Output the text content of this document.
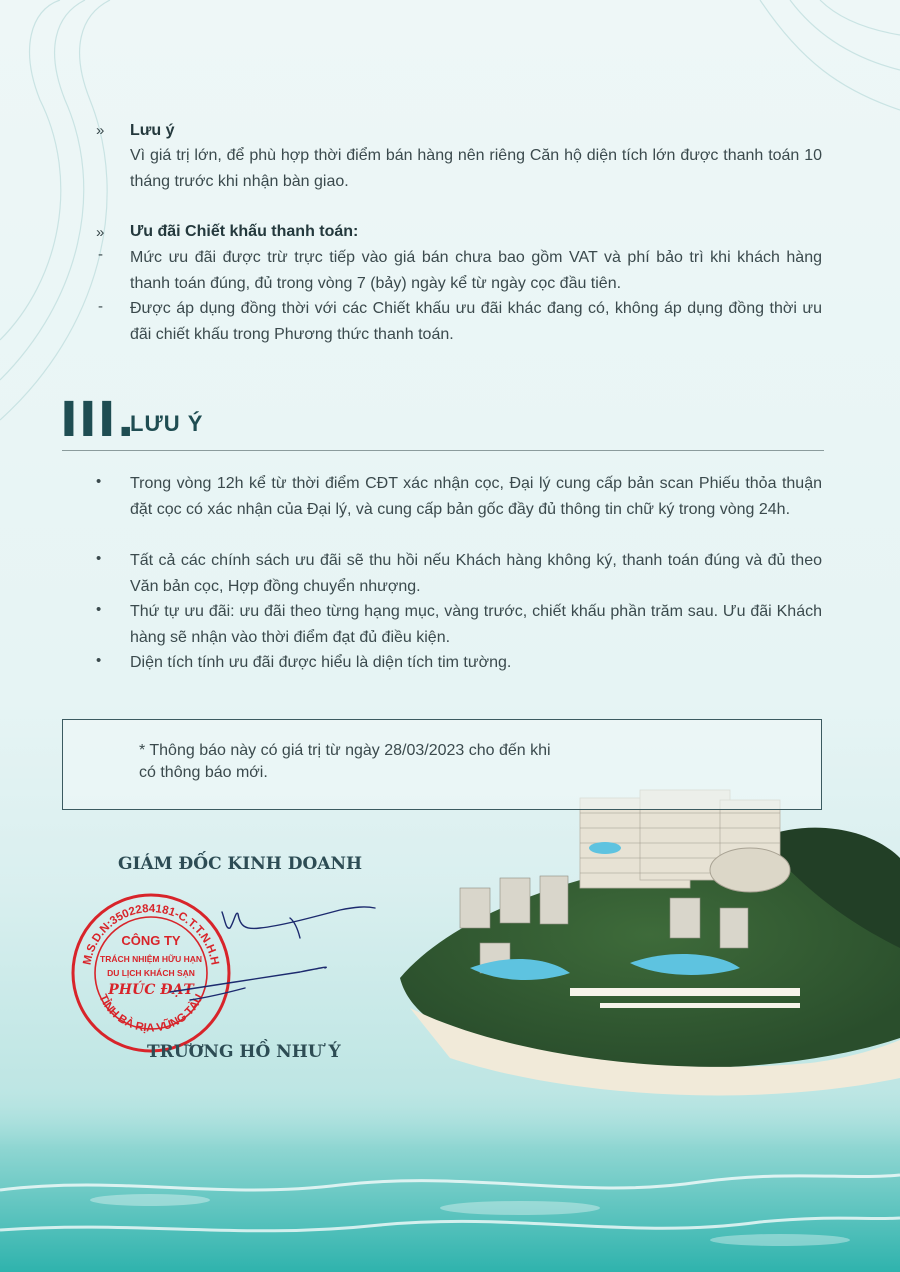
» Lưu ý
Vì giá trị lớn, để phù hợp thời điểm bán hàng nên riêng Căn hộ diện tích lớn được thanh toán 10 tháng trước khi nhận bàn giao.
» Ưu đãi Chiết khấu thanh toán:
- Mức ưu đãi được trừ trực tiếp vào giá bán chưa bao gồm VAT và phí bảo trì khi khách hàng thanh toán đúng, đủ trong vòng 7 (bảy) ngày kể từ ngày cọc đầu tiên.
- Được áp dụng đồng thời với các Chiết khấu ưu đãi khác đang có, không áp dụng đồng thời ưu đãi chiết khấu trong Phương thức thanh toán.
III.
LƯU Ý
• Trong vòng 12h kể từ thời điểm CĐT xác nhận cọc, Đại lý cung cấp bản scan Phiếu thỏa thuận đặt cọc có xác nhận của Đại lý, và cung cấp bản gốc đầy đủ thông tin chữ ký trong vòng 24h.
• Tất cả các chính sách ưu đãi sẽ thu hồi nếu Khách hàng không ký, thanh toán đúng và đủ theo Văn bản cọc, Hợp đồng chuyển nhượng.
• Thứ tự ưu đãi: ưu đãi theo từng hạng mục, vàng trước, chiết khấu phần trăm sau. Ưu đãi Khách hàng sẽ nhận vào thời điểm đạt đủ điều kiện.
• Diện tích tính ưu đãi được hiểu là diện tích tim tường.
* Thông báo này có giá trị từ ngày 28/03/2023 cho đến khi có thông báo mới.
GIÁM ĐỐC KINH DOANH
M.S.D.N:3502284181-C.T.T.N.H.H
TỈNH BÀ RỊA VŨNG TÀU
CÔNG TY
TRÁCH NHIỆM HỮU HẠN
DU LỊCH KHÁCH SẠN
PHÚC ĐẠT
TRƯƠNG HỒ NHƯ Ý
